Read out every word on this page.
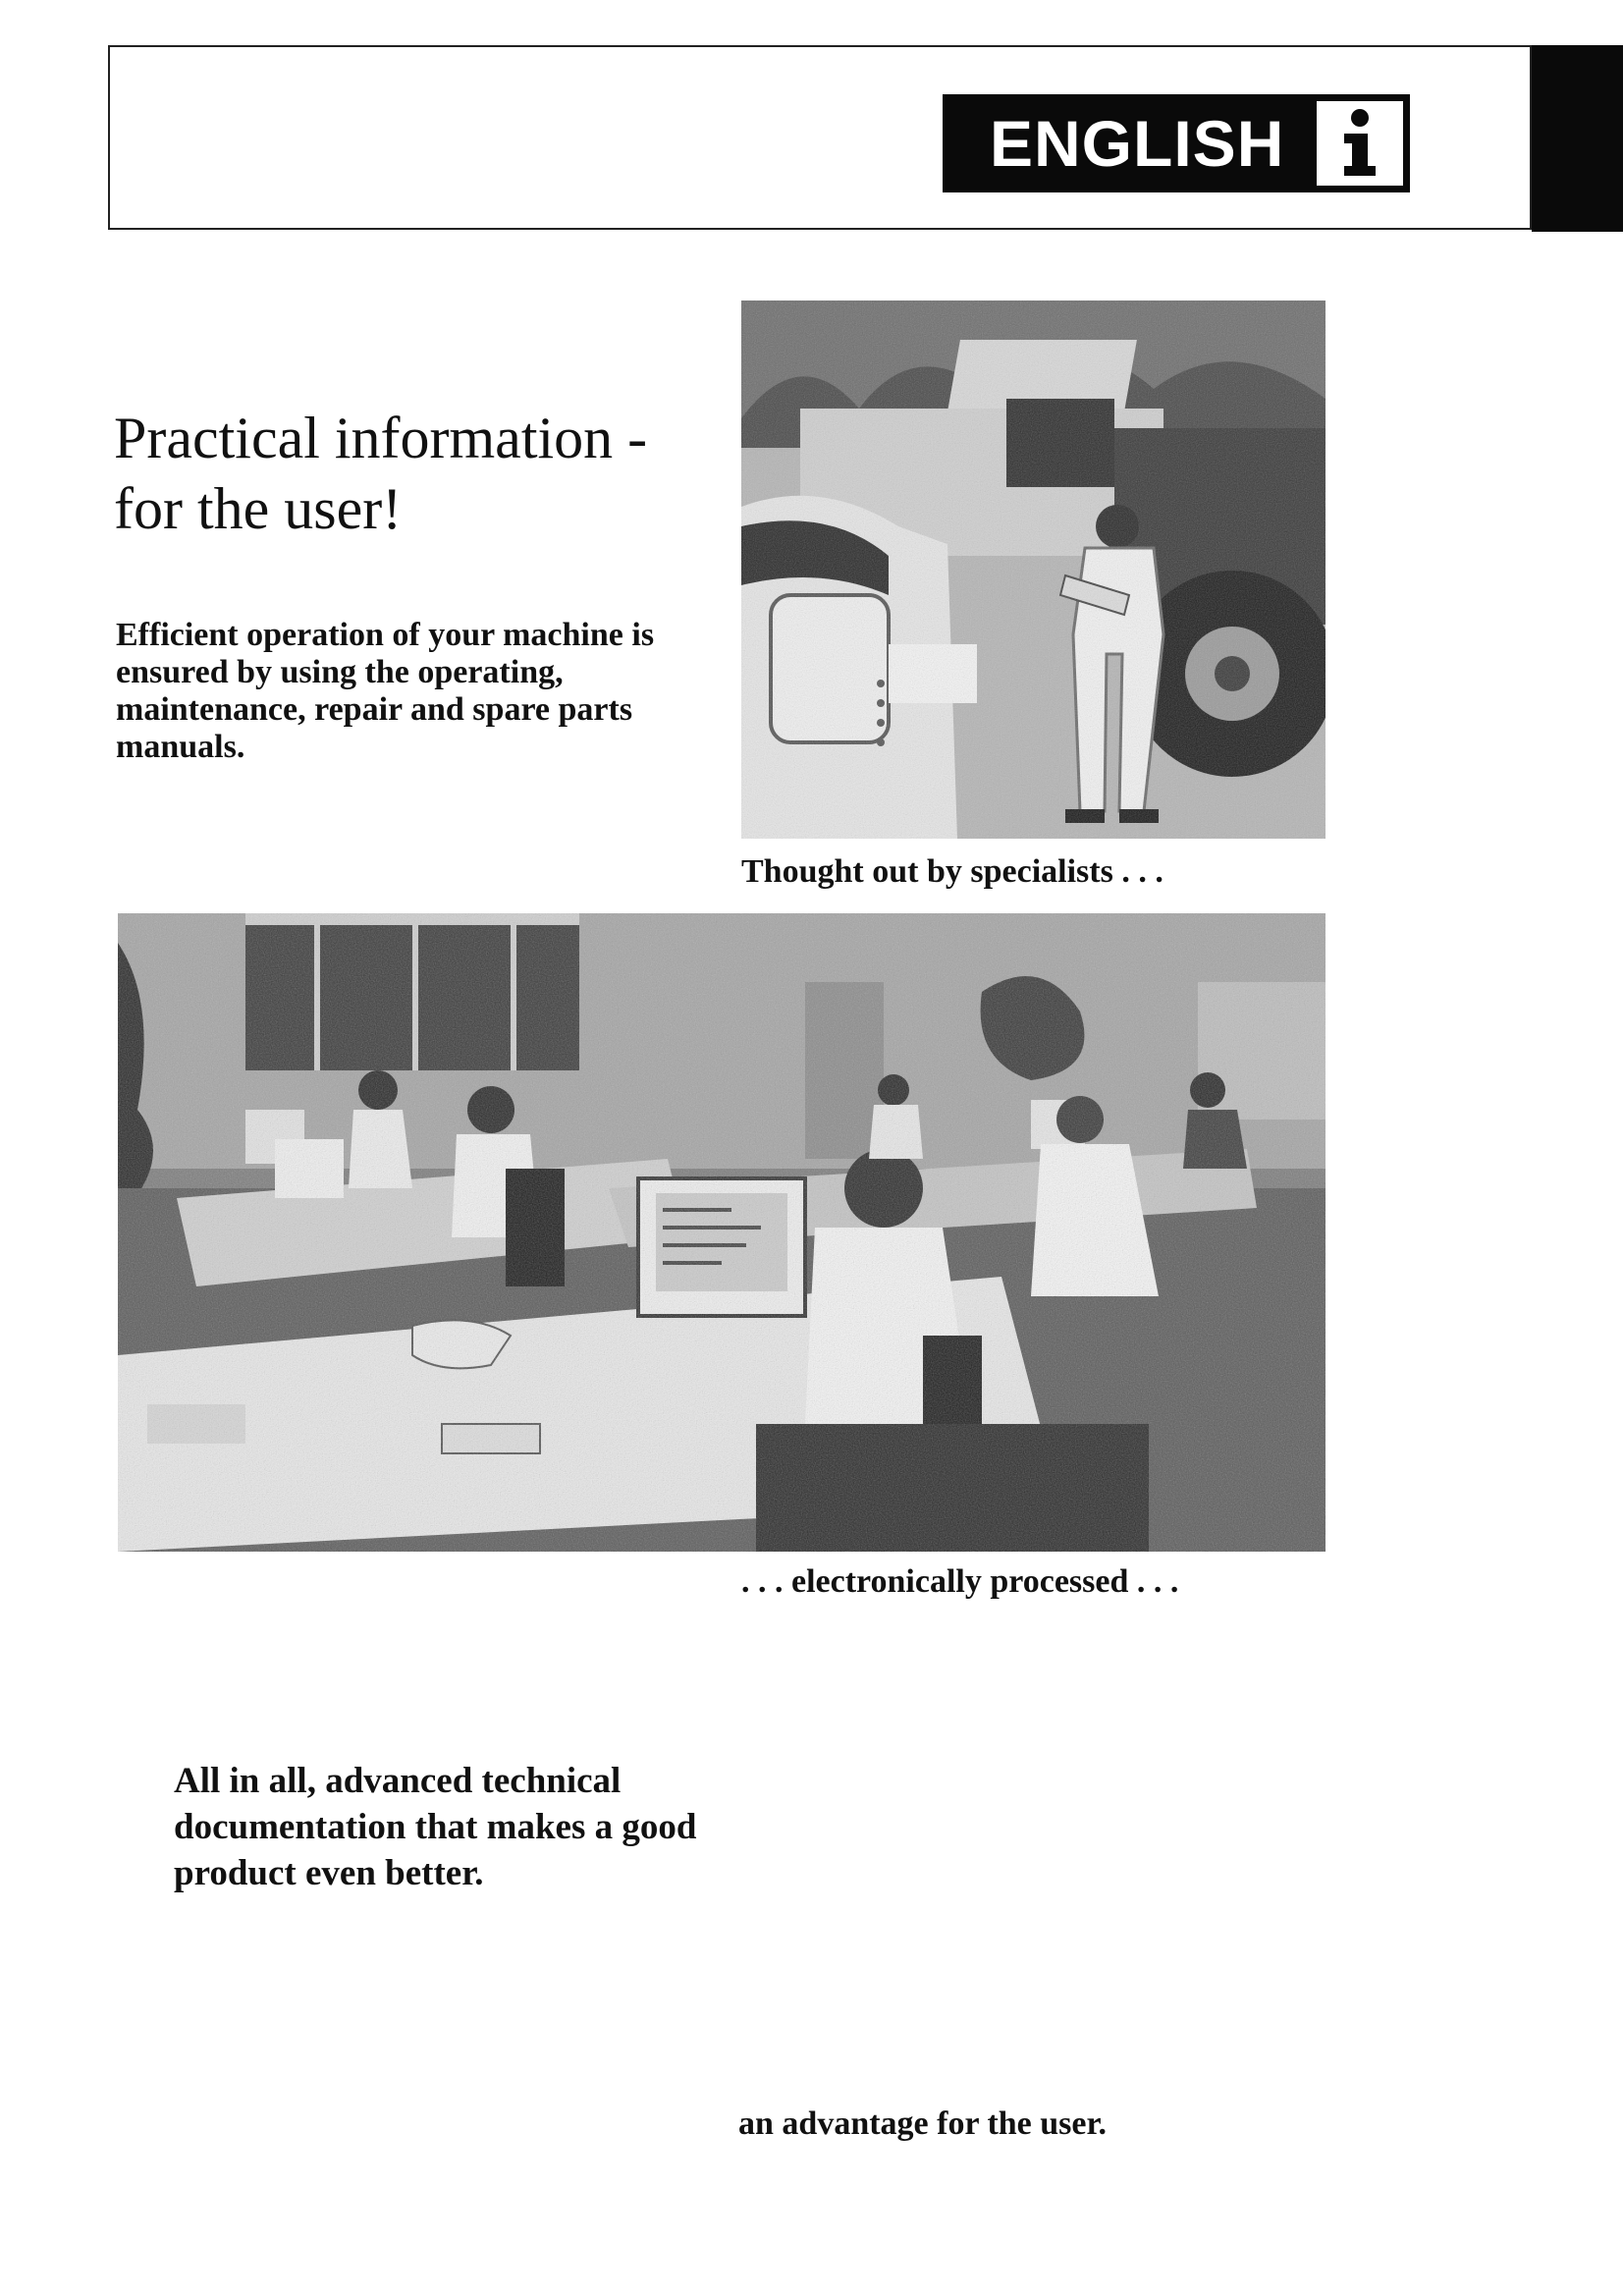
ENGLISH
Practical information -
for the user!

Efficient operation of your machine is ensured by using the operating, maintenance, repair and spare parts manuals.

Thought out by specialists . . .

. . . electronically processed . . .

All in all, advanced technical documentation that makes a good product even better.

an advantage for the user.
